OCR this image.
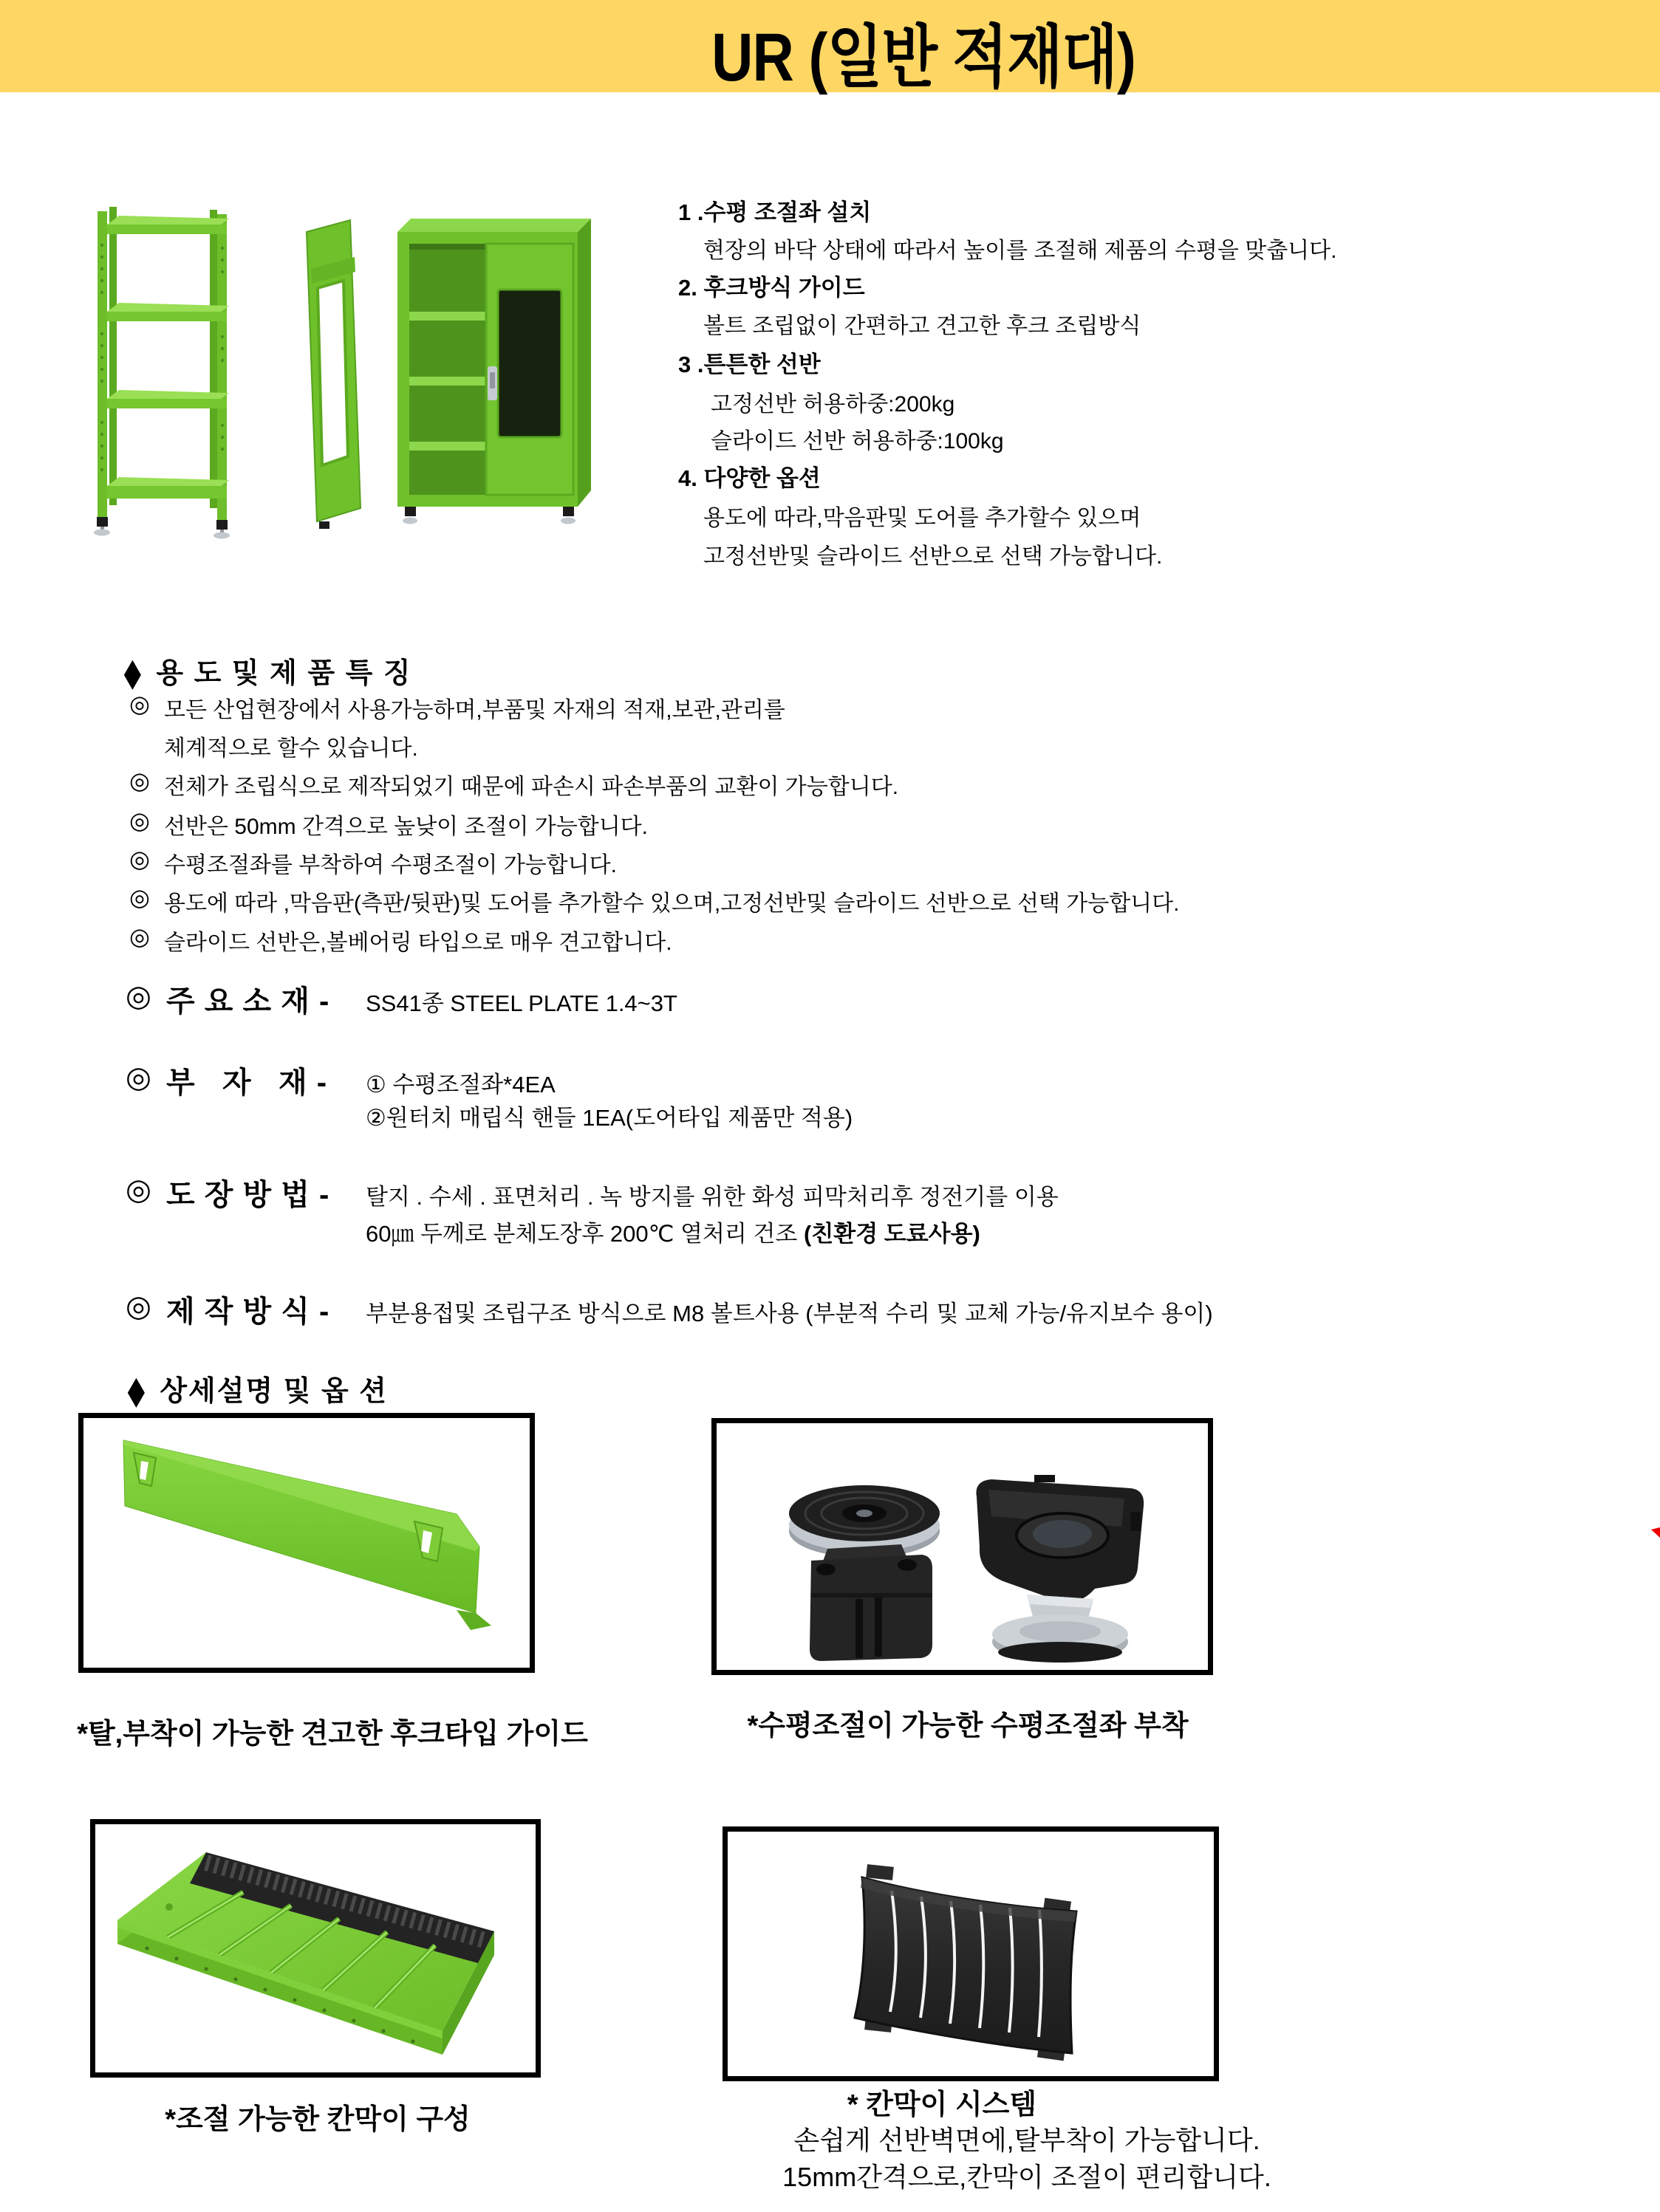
UR (일반 적재대)
1 .수평 조절좌 설치
현장의 바닥 상태에 따라서 높이를 조절해 제품의 수평을 맞춥니다.
2. 후크방식 가이드
볼트 조립없이 간편하고 견고한 후크 조립방식
3 .튼튼한 선반
고정선반 허용하중:200kg
슬라이드 선반 허용하중:100kg
4. 다양한 옵션
용도에 따라,막음판및 도어를 추가할수 있으며
고정선반및 슬라이드 선반으로 선택 가능합니다.
◆ 용 도 및 제 품 특 징
◎ 모든 산업현장에서 사용가능하며,부품및 자재의 적재,보관,관리를
체계적으로 할수 있습니다.
◎ 전체가 조립식으로 제작되었기 때문에 파손시 파손부품의 교환이 가능합니다.
◎ 선반은 50mm 간격으로 높낮이 조절이 가능합니다.
◎ 수평조절좌를 부착하여 수평조절이 가능합니다.
◎ 용도에 따라 ,막음판(측판/뒷판)및 도어를 추가할수 있으며,고정선반및 슬라이드 선반으로 선택 가능합니다.
◎ 슬라이드 선반은,볼베어링 타입으로 매우 견고합니다.
◎ 주 요 소 재 - SS41종 STEEL PLATE 1.4~3T
◎ 부   자   재 - ① 수평조절좌*4EA
②원터치 매립식 핸들 1EA(도어타입 제품만 적용)
◎ 도 장 방 법 - 탈지 . 수세 . 표면처리 . 녹 방지를 위한 화성 피막처리후 정전기를 이용
60㎛ 두께로 분체도장후 200℃ 열처리 건조 (친환경 도료사용)
◎ 제 작 방 식 - 부분용접및 조립구조 방식으로 M8 볼트사용 (부분적 수리 및 교체 가능/유지보수 용이)
◆ 상세설명 및 옵 션
*탈,부착이 가능한 견고한 후크타입 가이드	*수평조절이 가능한 수평조절좌 부착
*조절 가능한 칸막이 구성	* 칸막이 시스템
손쉽게 선반벽면에,탈부착이 가능합니다.
15mm간격으로,칸막이 조절이 편리합니다.
